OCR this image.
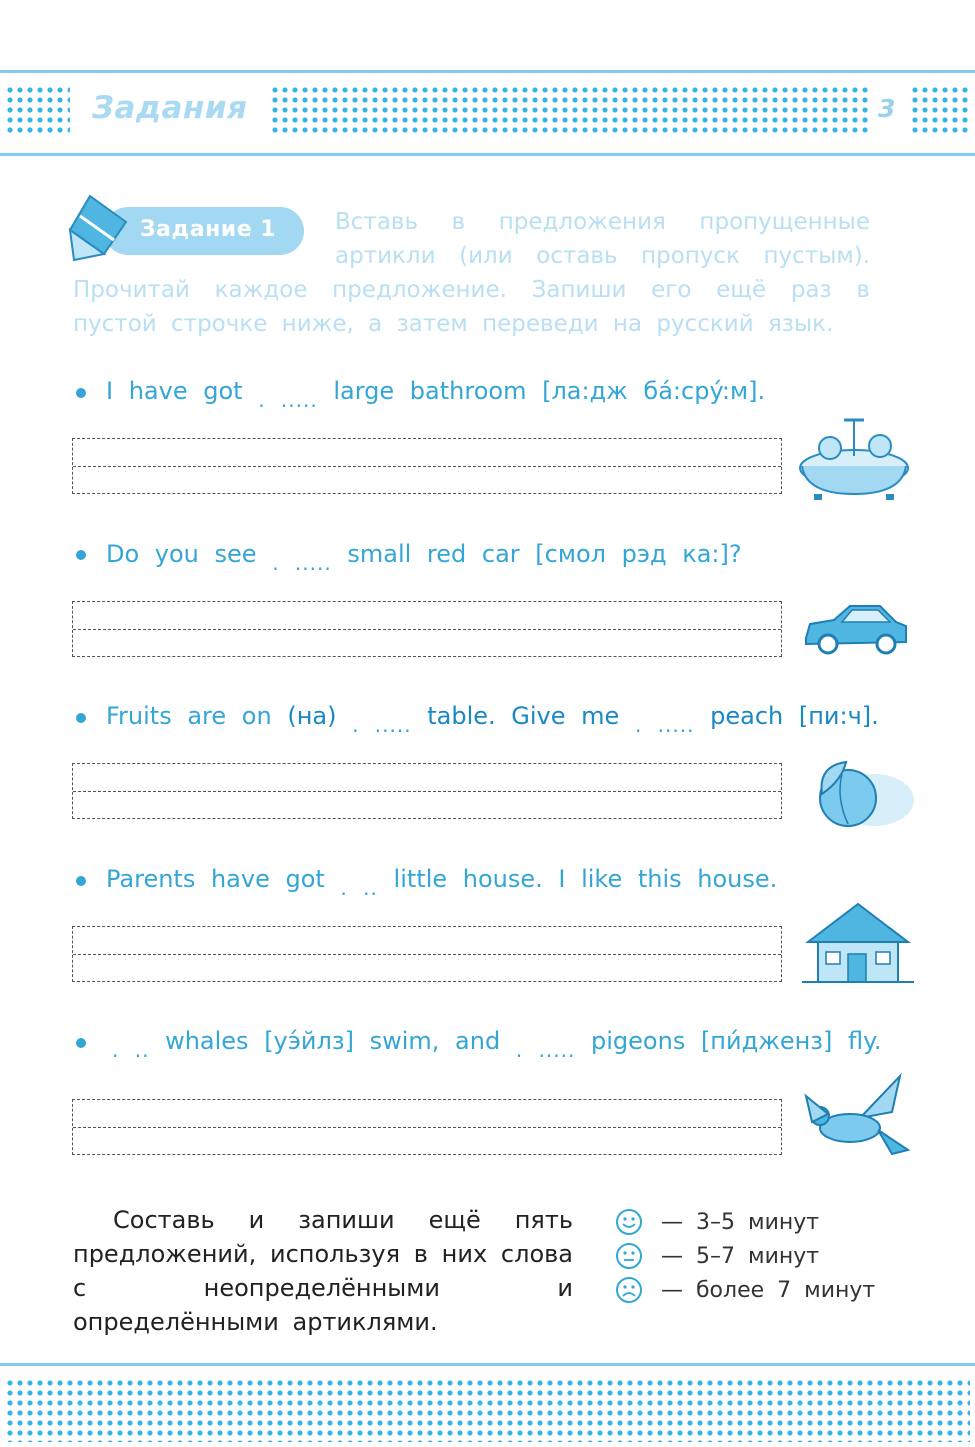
Задания	3
Задание 1	Вставь в предложения пропущенные артикли (или оставь пропуск пустым). Прочитай каждое предложение. Запиши его ещё раз в пустой строчке ниже, а затем переведи на русский язык.

I have got $_{. .....}$ large bathroom [ла:дж бá:срý:м].
Do you see $_{. .....}$ small red car [смол рэд ка:]?
Fruits are on (на) $_{. .....}$ table. Give me $_{. .....}$ peach [пи:ч].
Parents have got $_{. ..}$ little house. I like this house.
$_{. ..}$ whales [уэ́йлз] swim, and $_{. .....}$ pigeons [пи́дженз] fly.

Составь и запиши ещё пять предложений, используя в них слова с неопределёнными и определёнными артиклями.

— 3–5 минут
— 5–7 минут
— более 7 минут
